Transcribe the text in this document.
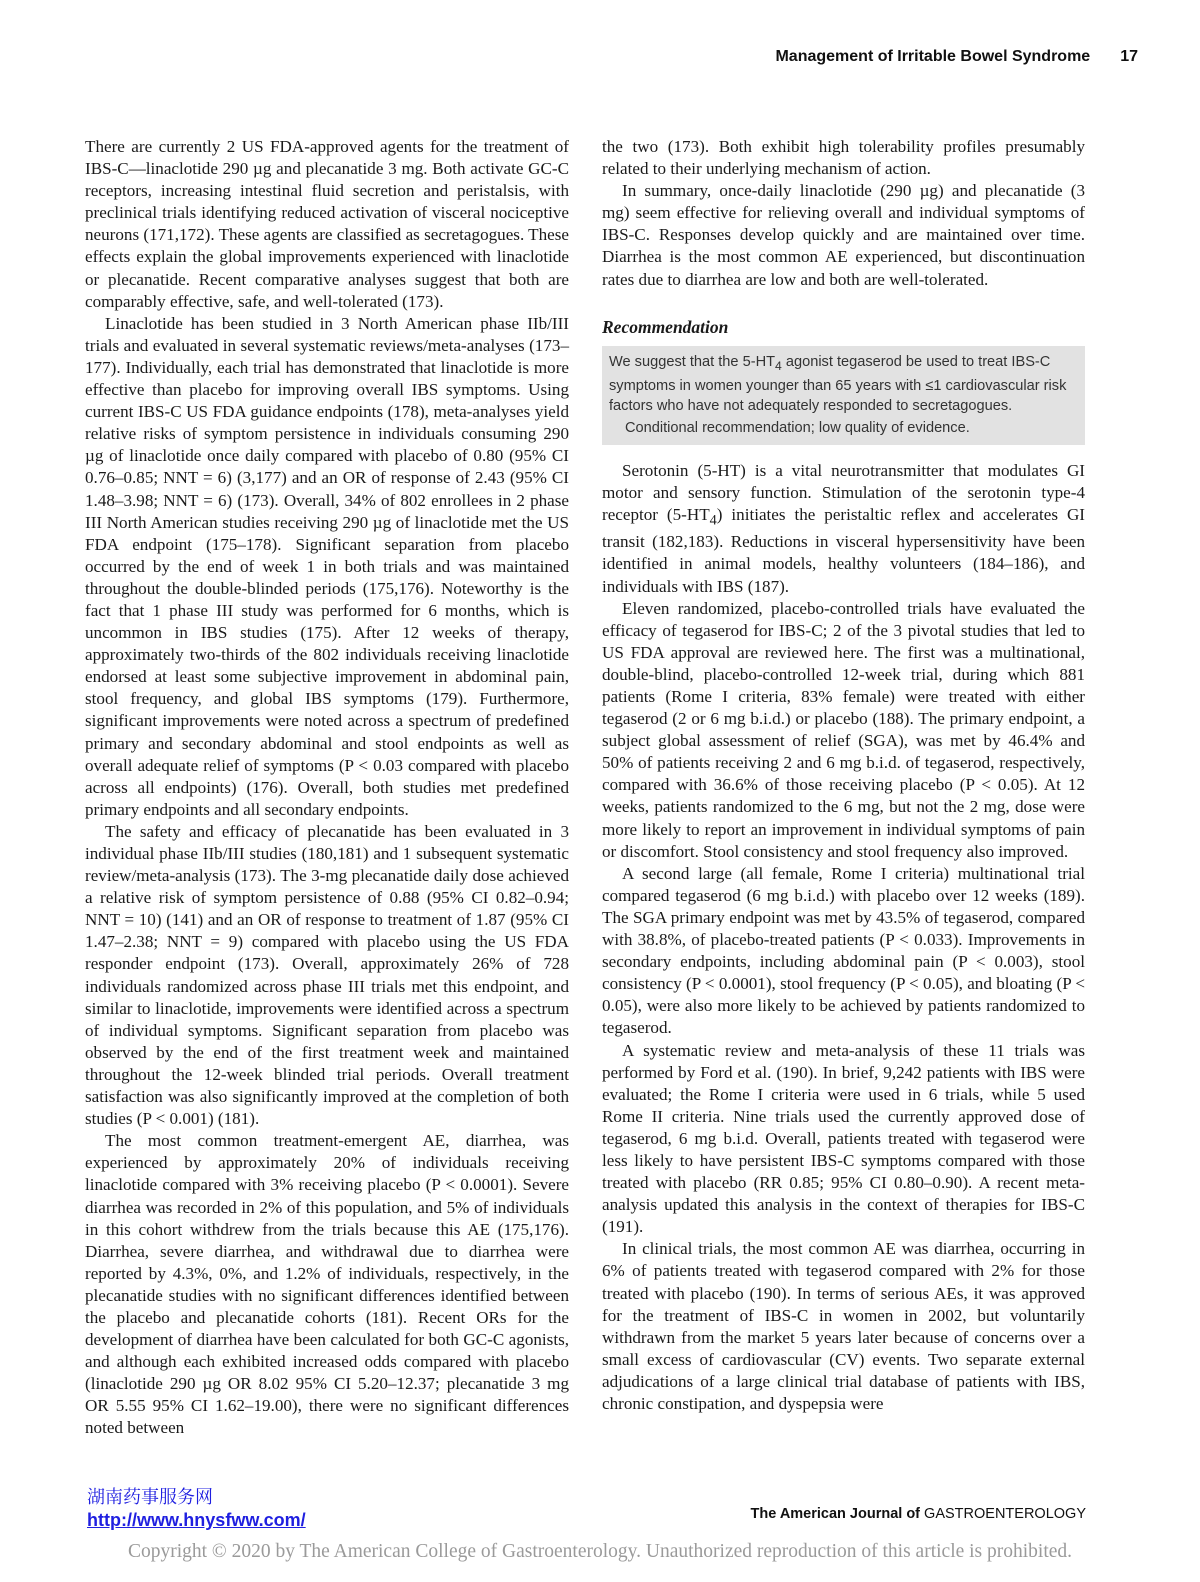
Management of Irritable Bowel Syndrome 17

There are currently 2 US FDA-approved agents for the treatment of IBS-C—linaclotide 290 µg and plecanatide 3 mg. Both activate GC-C receptors, increasing intestinal fluid secretion and peristalsis, with preclinical trials identifying reduced activation of visceral nociceptive neurons (171,172). These agents are classified as secretagogues. These effects explain the global improvements experienced with linaclotide or plecanatide. Recent comparative analyses suggest that both are comparably effective, safe, and well-tolerated (173).

Linaclotide has been studied in 3 North American phase IIb/III trials and evaluated in several systematic reviews/meta-analyses (173–177). Individually, each trial has demonstrated that linaclotide is more effective than placebo for improving overall IBS symptoms. Using current IBS-C US FDA guidance endpoints (178), meta-analyses yield relative risks of symptom persistence in individuals consuming 290 µg of linaclotide once daily compared with placebo of 0.80 (95% CI 0.76–0.85; NNT = 6) (3,177) and an OR of response of 2.43 (95% CI 1.48–3.98; NNT = 6) (173). Overall, 34% of 802 enrollees in 2 phase III North American studies receiving 290 µg of linaclotide met the US FDA endpoint (175–178). Significant separation from placebo occurred by the end of week 1 in both trials and was maintained throughout the double-blinded periods (175,176). Noteworthy is the fact that 1 phase III study was performed for 6 months, which is uncommon in IBS studies (175). After 12 weeks of therapy, approximately two-thirds of the 802 individuals receiving linaclotide endorsed at least some subjective improvement in abdominal pain, stool frequency, and global IBS symptoms (179). Furthermore, significant improvements were noted across a spectrum of predefined primary and secondary abdominal and stool endpoints as well as overall adequate relief of symptoms (P < 0.03 compared with placebo across all endpoints) (176). Overall, both studies met predefined primary endpoints and all secondary endpoints.

The safety and efficacy of plecanatide has been evaluated in 3 individual phase IIb/III studies (180,181) and 1 subsequent systematic review/meta-analysis (173). The 3-mg plecanatide daily dose achieved a relative risk of symptom persistence of 0.88 (95% CI 0.82–0.94; NNT = 10) (141) and an OR of response to treatment of 1.87 (95% CI 1.47–2.38; NNT = 9) compared with placebo using the US FDA responder endpoint (173). Overall, approximately 26% of 728 individuals randomized across phase III trials met this endpoint, and similar to linaclotide, improvements were identified across a spectrum of individual symptoms. Significant separation from placebo was observed by the end of the first treatment week and maintained throughout the 12-week blinded trial periods. Overall treatment satisfaction was also significantly improved at the completion of both studies (P < 0.001) (181).

The most common treatment-emergent AE, diarrhea, was experienced by approximately 20% of individuals receiving linaclotide compared with 3% receiving placebo (P < 0.0001). Severe diarrhea was recorded in 2% of this population, and 5% of individuals in this cohort withdrew from the trials because this AE (175,176). Diarrhea, severe diarrhea, and withdrawal due to diarrhea were reported by 4.3%, 0%, and 1.2% of individuals, respectively, in the plecanatide studies with no significant differences identified between the placebo and plecanatide cohorts (181). Recent ORs for the development of diarrhea have been calculated for both GC-C agonists, and although each exhibited increased odds compared with placebo (linaclotide 290 µg OR 8.02 95% CI 5.20–12.37; plecanatide 3 mg OR 5.55 95% CI 1.62–19.00), there were no significant differences noted between

the two (173). Both exhibit high tolerability profiles presumably related to their underlying mechanism of action.

In summary, once-daily linaclotide (290 µg) and plecanatide (3 mg) seem effective for relieving overall and individual symptoms of IBS-C. Responses develop quickly and are maintained over time. Diarrhea is the most common AE experienced, but discontinuation rates due to diarrhea are low and both are well-tolerated.

Recommendation
We suggest that the $5-HT_4$ agonist tegaserod be used to treat IBS-C symptoms in women younger than 65 years with ≤1 cardiovascular risk factors who have not adequately responded to secretagogues.
Conditional recommendation; low quality of evidence.

Serotonin (5-HT) is a vital neurotransmitter that modulates GI motor and sensory function. Stimulation of the serotonin type-4 receptor $(5-HT_4)$ initiates the peristaltic reflex and accelerates GI transit (182,183). Reductions in visceral hypersensitivity have been identified in animal models, healthy volunteers (184–186), and individuals with IBS (187).

Eleven randomized, placebo-controlled trials have evaluated the efficacy of tegaserod for IBS-C; 2 of the 3 pivotal studies that led to US FDA approval are reviewed here. The first was a multinational, double-blind, placebo-controlled 12-week trial, during which 881 patients (Rome I criteria, 83% female) were treated with either tegaserod (2 or 6 mg b.i.d.) or placebo (188). The primary endpoint, a subject global assessment of relief (SGA), was met by 46.4% and 50% of patients receiving 2 and 6 mg b.i.d. of tegaserod, respectively, compared with 36.6% of those receiving placebo (P < 0.05). At 12 weeks, patients randomized to the 6 mg, but not the 2 mg, dose were more likely to report an improvement in individual symptoms of pain or discomfort. Stool consistency and stool frequency also improved.

A second large (all female, Rome I criteria) multinational trial compared tegaserod (6 mg b.i.d.) with placebo over 12 weeks (189). The SGA primary endpoint was met by 43.5% of tegaserod, compared with 38.8%, of placebo-treated patients (P < 0.033). Improvements in secondary endpoints, including abdominal pain (P < 0.003), stool consistency (P < 0.0001), stool frequency (P < 0.05), and bloating (P < 0.05), were also more likely to be achieved by patients randomized to tegaserod.

A systematic review and meta-analysis of these 11 trials was performed by Ford et al. (190). In brief, 9,242 patients with IBS were evaluated; the Rome I criteria were used in 6 trials, while 5 used Rome II criteria. Nine trials used the currently approved dose of tegaserod, 6 mg b.i.d. Overall, patients treated with tegaserod were less likely to have persistent IBS-C symptoms compared with those treated with placebo (RR 0.85; 95% CI 0.80–0.90). A recent meta-analysis updated this analysis in the context of therapies for IBS-C (191).

In clinical trials, the most common AE was diarrhea, occurring in 6% of patients treated with tegaserod compared with 2% for those treated with placebo (190). In terms of serious AEs, it was approved for the treatment of IBS-C in women in 2002, but voluntarily withdrawn from the market 5 years later because of concerns over a small excess of cardiovascular (CV) events. Two separate external adjudications of a large clinical trial database of patients with IBS, chronic constipation, and dyspepsia were

湖南药事服务网
http://www.hnysfww.com/	The American Journal of GASTROENTEROLOGY
Copyright © 2020 by The American College of Gastroenterology. Unauthorized reproduction of this article is prohibited.
